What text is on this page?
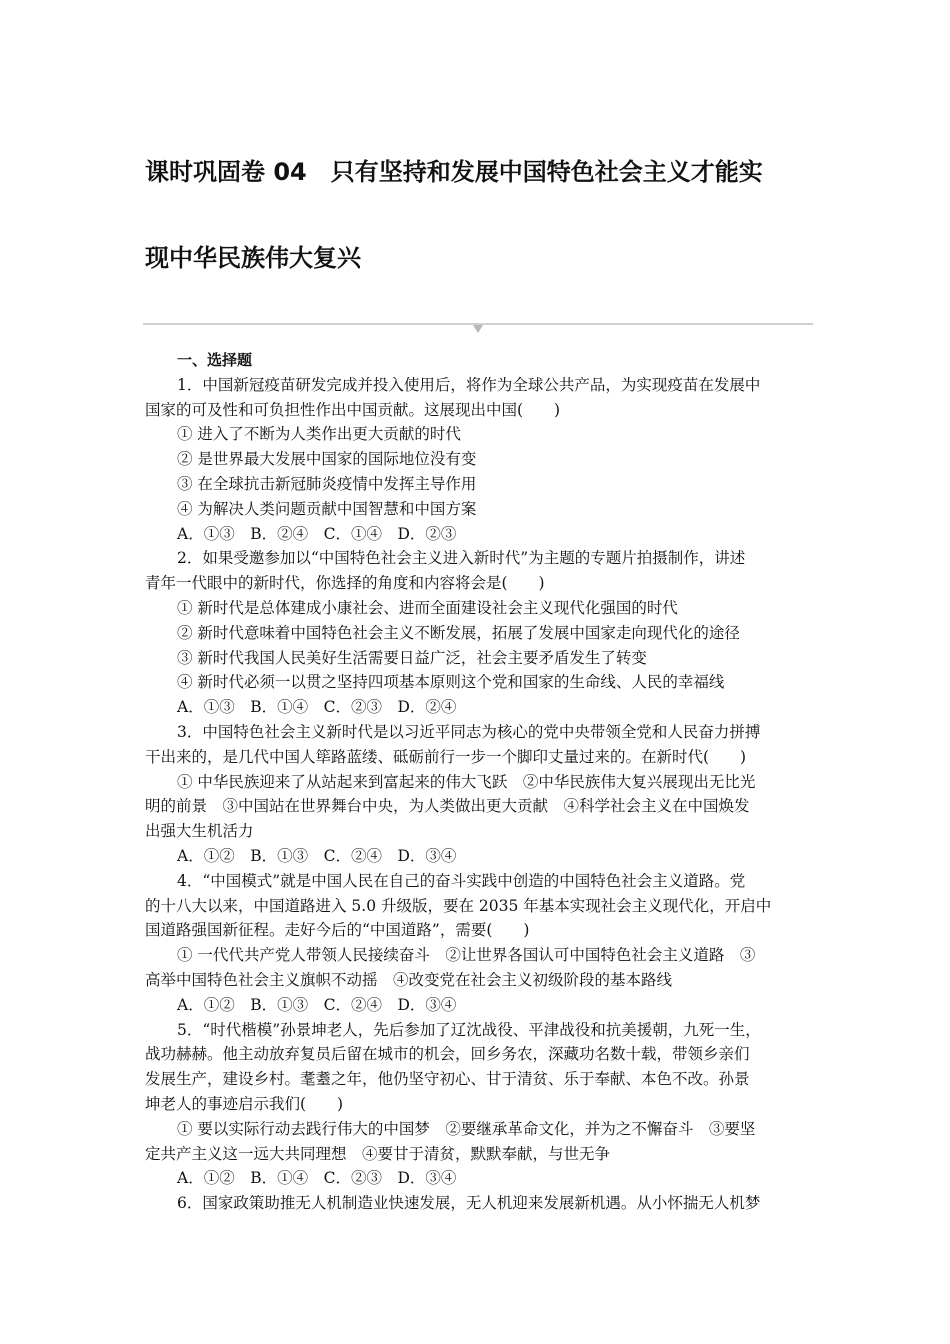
课时巩固卷 04　只有坚持和发展中国特色社会主义才能实
现中华民族伟大复兴

一、选择题

1．中国新冠疫苗研发完成并投入使用后，将作为全球公共产品，为实现疫苗在发展中

国家的可及性和可负担性作出中国贡献。这展现出中国(　　)

① 进入了不断为人类作出更大贡献的时代

② 是世界最大发展中国家的国际地位没有变

③ 在全球抗击新冠肺炎疫情中发挥主导作用

④ 为解决人类问题贡献中国智慧和中国方案

A．①③　B．②④　C．①④　D．②③

2．如果受邀参加以“中国特色社会主义进入新时代”为主题的专题片拍摄制作，讲述

青年一代眼中的新时代，你选择的角度和内容将会是(　　)

① 新时代是总体建成小康社会、进而全面建设社会主义现代化强国的时代

② 新时代意味着中国特色社会主义不断发展，拓展了发展中国家走向现代化的途径

③ 新时代我国人民美好生活需要日益广泛，社会主要矛盾发生了转变

④ 新时代必须一以贯之坚持四项基本原则这个党和国家的生命线、人民的幸福线

A．①③　B．①④　C．②③　D．②④

3．中国特色社会主义新时代是以习近平同志为核心的党中央带领全党和人民奋力拼搏

干出来的，是几代中国人筚路蓝缕、砥砺前行一步一个脚印丈量过来的。在新时代(　　)

① 中华民族迎来了从站起来到富起来的伟大飞跃　②中华民族伟大复兴展现出无比光

明的前景　③中国站在世界舞台中央，为人类做出更大贡献　④科学社会主义在中国焕发

出强大生机活力

A．①②　B．①③　C．②④　D．③④

4．“中国模式”就是中国人民在自己的奋斗实践中创造的中国特色社会主义道路。党

的十八大以来，中国道路进入 5.0 升级版，要在 2035 年基本实现社会主义现代化，开启中

国道路强国新征程。走好今后的“中国道路”，需要(　　)

① 一代代共产党人带领人民接续奋斗　②让世界各国认可中国特色社会主义道路　③

高举中国特色社会主义旗帜不动摇　④改变党在社会主义初级阶段的基本路线

A．①②　B．①③　C．②④　D．③④

5．“时代楷模”孙景坤老人，先后参加了辽沈战役、平津战役和抗美援朝，九死一生，

战功赫赫。他主动放弃复员后留在城市的机会，回乡务农，深藏功名数十载，带领乡亲们

发展生产，建设乡村。耄耋之年，他仍坚守初心、甘于清贫、乐于奉献、本色不改。孙景

坤老人的事迹启示我们(　　)

① 要以实际行动去践行伟大的中国梦　②要继承革命文化，并为之不懈奋斗　③要坚

定共产主义这一远大共同理想　④要甘于清贫，默默奉献，与世无争

A．①②　B．①④　C．②③　D．③④

6．国家政策助推无人机制造业快速发展，无人机迎来发展新机遇。从小怀揣无人机梦
